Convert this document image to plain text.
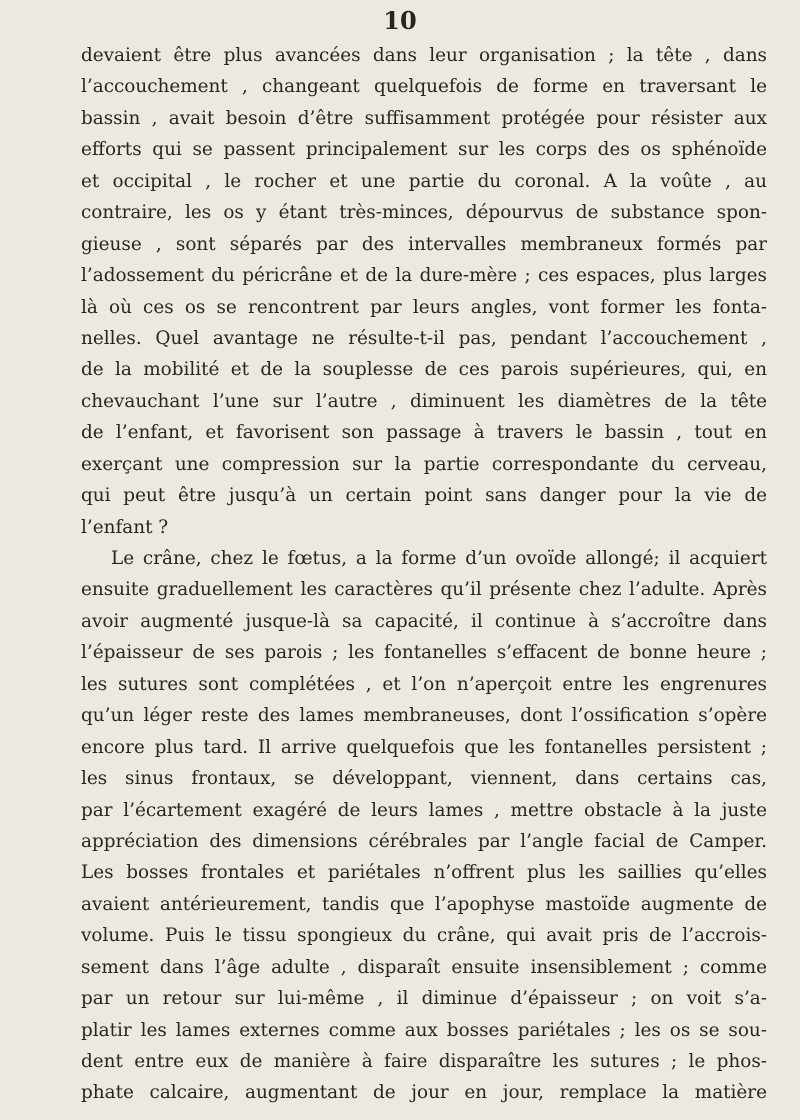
10
devaient être plus avancées dans leur organisation ; la tête , dans
l’accouchement , changeant quelquefois de forme en traversant le
bassin , avait besoin d’être suffisamment protégée pour résister aux
efforts qui se passent principalement sur les corps des os sphénoïde
et occipital , le rocher et une partie du coronal. A la voûte , au
contraire, les os y étant très-minces, dépourvus de substance spon-
gieuse , sont séparés par des intervalles membraneux formés par
l’adossement du péricrâne et de la dure-mère ; ces espaces, plus larges
là où ces os se rencontrent par leurs angles, vont former les fonta-
nelles. Quel avantage ne résulte-t-il pas, pendant l’accouchement ,
de la mobilité et de la souplesse de ces parois supérieures, qui, en
chevauchant l’une sur l’autre , diminuent les diamètres de la tête
de l’enfant, et favorisent son passage à travers le bassin , tout en
exerçant une compression sur la partie correspondante du cerveau,
qui peut être jusqu’à un certain point sans danger pour la vie de
l’enfant ?
Le crâne, chez le fœtus, a la forme d’un ovoïde allongé; il acquiert
ensuite graduellement les caractères qu’il présente chez l’adulte. Après
avoir augmenté jusque-là sa capacité, il continue à s’accroître dans
l’épaisseur de ses parois ; les fontanelles s’effacent de bonne heure ;
les sutures sont complétées , et l’on n’aperçoit entre les engrenures
qu’un léger reste des lames membraneuses, dont l’ossification s’opère
encore plus tard. Il arrive quelquefois que les fontanelles persistent ;
les sinus frontaux, se développant, viennent, dans certains cas,
par l’écartement exagéré de leurs lames , mettre obstacle à la juste
appréciation des dimensions cérébrales par l’angle facial de Camper.
Les bosses frontales et pariétales n’offrent plus les saillies qu’elles
avaient antérieurement, tandis que l’apophyse mastoïde augmente de
volume. Puis le tissu spongieux du crâne, qui avait pris de l’accrois-
sement dans l’âge adulte , disparaît ensuite insensiblement ; comme
par un retour sur lui-même , il diminue d’épaisseur ; on voit s’a-
platir les lames externes comme aux bosses pariétales ; les os se sou-
dent entre eux de manière à faire disparaître les sutures ; le phos-
phate calcaire, augmentant de jour en jour, remplace la matière
